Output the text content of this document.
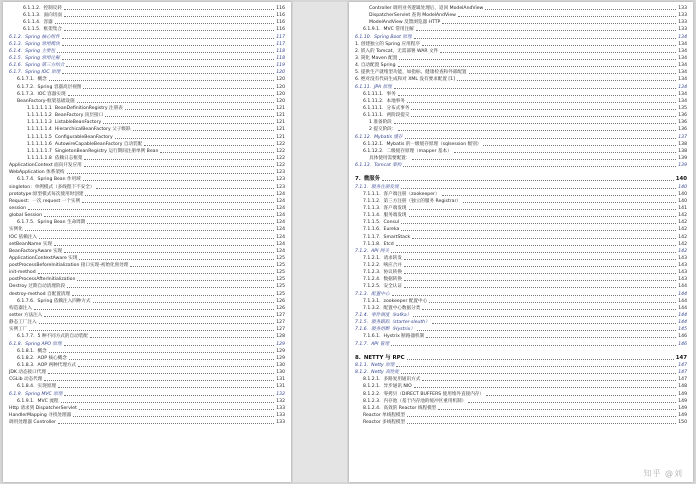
6.1.1.2. 控制反转	116
6.1.1.3. 面向切面	116
6.1.1.4. 容器	116
6.1.1.5. 框架集合	116
6.1.2. Spring 核心组件	117
6.1.3. Spring 常用模块	117
6.1.4. Spring 主要包	118
6.1.5. Spring 常用注解	118
6.1.6. Spring 第三方结合	119
6.1.7. Spring IOC 原理	120
6.1.7.1. 概念	120
6.1.7.2. Spring 容器高层视图	120
6.1.7.3. IOC 容器实现	120
BeanFactory-框架基础设施	120
1.1.1.1.1.1 BeanDefinitionRegistry 注册表	121
1.1.1.1.1.2 BeanFactory 顶层接口	121
1.1.1.1.1.3 ListableBeanFactory	121
1.1.1.1.1.4 HierarchicalBeanFactory 父子级联	121
1.1.1.1.1.5 ConfigurableBeanFactory	121
1.1.1.1.1.6 AutowireCapableBeanFactory 自动装配	122
1.1.1.1.1.7 SingletonBeanRegistry 运行期间注册单例 Bean	122
1.1.1.1.1.8 依赖日志框架	122
ApplicationContext 面向开发应用	122
WebApplication 体系架构	123
6.1.7.4. Spring Bean 作用域	123
singleton：单例模式（多线程下不安全）	123
prototype:原型模式每次使用时创建	124
Request：一次 request 一个实例	124
session	124
global Session	124
6.1.7.5. Spring Bean 生命周期	124
实例化	124
IOC 依赖注入	124
setBeanName 实现	124
BeanFactoryAware 实现	124
ApplicationContextAware 实现	125
postProcessBeforeInitialization 接口实现-初始化预处理	125
init-method	125
postProcessAfterInitialization	125
Destroy 过期自动清理阶段	125
destroy-method 自配置清理	125
6.1.7.6. Spring 依赖注入四种方式	126
构造器注入	126
setter 方法注入	127
静态工厂注入	127
实例工厂	127
6.1.7.7. 5 种不同方式的自动装配	128
6.1.8. Spring APO 原理	129
6.1.8.1. 概念	129
6.1.8.2. AOP 核心概念	129
6.1.8.3. AOP 两种代理方式	130
JDK 动态接口代理	130
CGLib 动态代理	131
6.1.8.4. 实现原理	131
6.1.9. Spring MVC 原理	132
6.1.9.1. MVC 流程	132
Http 请求到 DispatcherServlet	133
HandlerMapping 寻找处理器	133
调用处理器 Controller	133
Controller 调用业务逻辑处理后，返回 ModelAndView	133
DispatcherServlet 查询 ModelAndView	133
ModelAndView 反馈浏览器 HTTP	133
6.1.9.1. MVC 常用注解	133
6.1.10. Spring Boot 原理	134
1. 创建独立的 Spring 应用程序	134
2. 嵌入的 Tomcat，无需部署 WAR 文件	134
3. 简化 Maven 配置	134
4. 自动配置 Spring	134
5. 提供生产就绪型功能，如指标，健康检查和外部配置	134
6. 绝对没有代码生成和对 XML 没有要求配置 [1]	134
6.1.11. JPA 原理	134
6.1.11.1. 事务	134
6.1.11.2. 本地事务	134
6.1.11.1. 分布式事务	135
6.1.11.1. 两阶段提交	136
1 准备阶段	136
2 提交阶段：	136
6.1.12. Mybatis 缓存	137
6.1.12.1. Mybatis 的一级缓存原理（sqlsession 级别）	138
6.1.12.2. 二级缓存原理（mapper 基本）	138
具体使用需要配置：	139
6.1.13. Tomcat 架构	139
7. 微服务	140
7.1.1. 服务注册发现	140
7.1.1.1. 客户端注册（zookeeper）	140
7.1.1.2. 第三方注册（独立的服务 Registrar）	140
7.1.1.3. 客户端发现	141
7.1.1.4. 服务端发现	142
7.1.1.5. Consul	142
7.1.1.6. Eureka	142
7.1.1.7. SmartStack	142
7.1.1.8. Etcd	142
7.1.2. API 网关	142
7.1.2.1. 请求转发	143
7.1.2.2. 响应合并	143
7.1.2.3. 协议转换	143
7.1.2.4. 数据转换	143
7.1.2.5. 安全认证	144
7.1.3. 配置中心	144
7.1.3.1. zookeeper 配置中心	144
7.1.3.2. 配置中心数据分类	144
7.1.4. 事件调度（kafka）	144
7.1.5. 服务跟踪（starter-sleuth）	144
7.1.6. 服务熔断（Hystrix）	145
7.1.6.1. Hystrix 断路器机制	146
7.1.7. API 管理	146
8. NETTY 与 RPC	147
8.1.1. Netty 原理	147
8.1.2. Netty 高性能	147
8.1.2.1. 多路复用通讯方式	147
8.1.2.1. 异步通讯 NIO	148
8.1.2.2. 零拷贝（DIRECT BUFFERS 使用堆外直接内存）	149
8.1.2.3. 内存池（基于内存池的缓冲区重用机制）	149
8.1.2.4. 高效的 Reactor 线程模型	149
Reactor 单线程模型	149
Reactor 多线程模型	150
知乎 @刘
